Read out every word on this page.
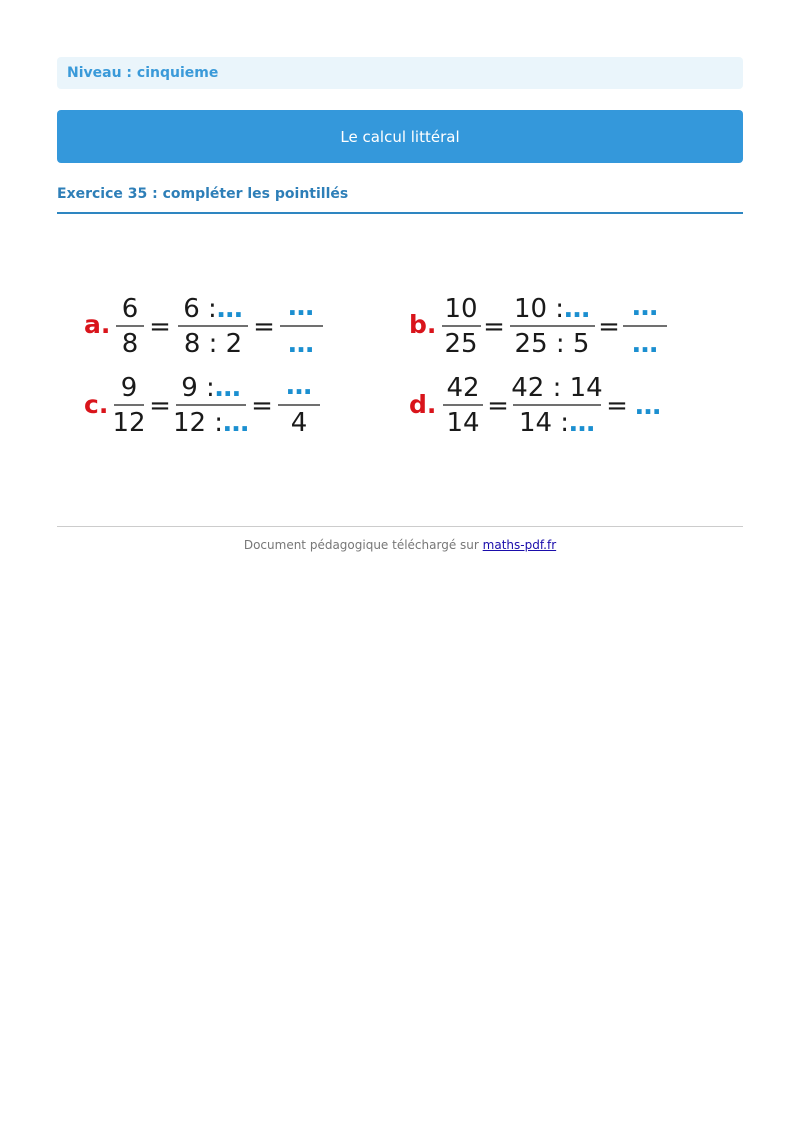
Niveau : cinquieme
Le calcul littéral
Exercice 35 : compléter les pointillés
a.
6
8
=
6 :…
8 : 2
=
…
…
b.
10
25
=
10 :…
25 : 5
=
…
…
c.
9
12
=
9 :…
12 :…
=
…
4
d.
42
14
=
42 : 14
14 :…
= …
Document pédagogique téléchargé sur maths-pdf.fr
